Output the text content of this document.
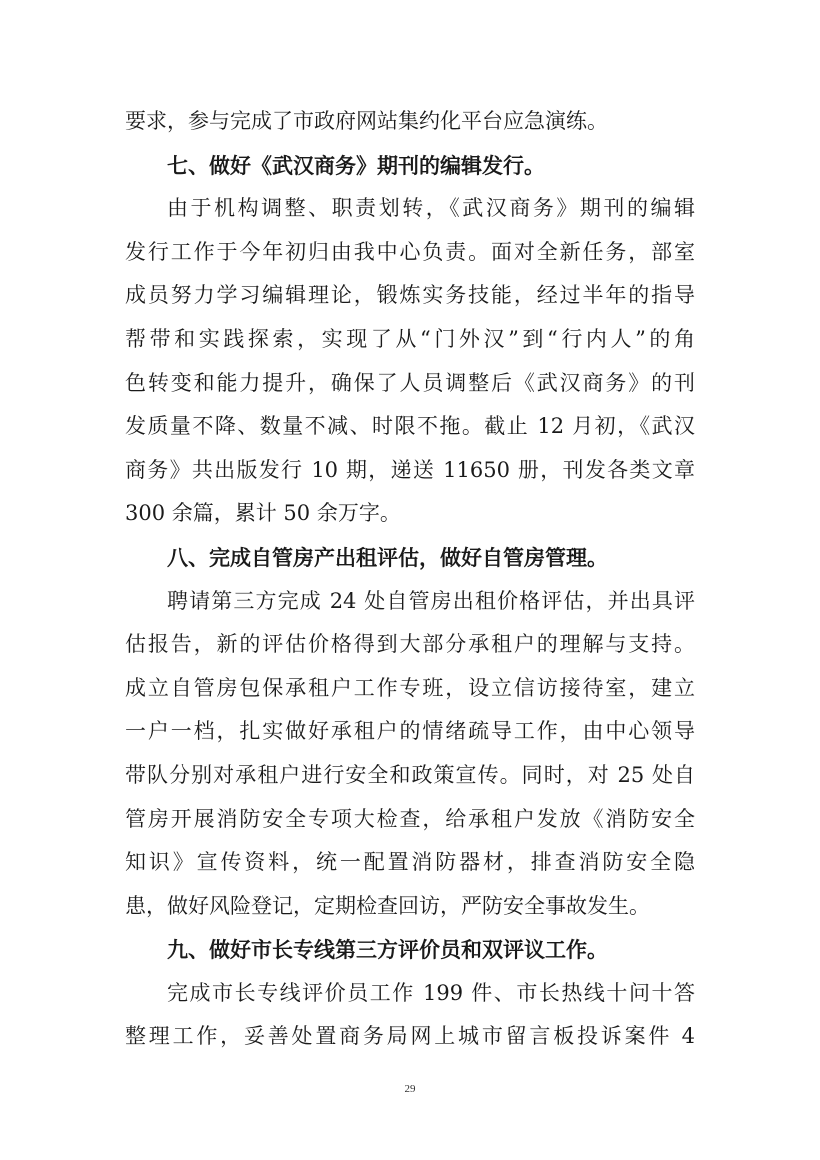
要求，参与完成了市政府网站集约化平台应急演练。
七、做好《武汉商务》期刊的编辑发行。
由于机构调整、职责划转，《武汉商务》期刊的编辑
发行工作于今年初归由我中心负责。面对全新任务，部室
成员努力学习编辑理论，锻炼实务技能，经过半年的指导
帮带和实践探索，实现了从“门外汉”到“行内人”的角
色转变和能力提升，确保了人员调整后《武汉商务》的刊
发质量不降、数量不减、时限不拖。截止 12 月初，《武汉
商务》共出版发行 10 期，递送 11650 册，刊发各类文章
300 余篇，累计 50 余万字。
八、完成自管房产出租评估，做好自管房管理。
聘请第三方完成 24 处自管房出租价格评估，并出具评
估报告，新的评估价格得到大部分承租户的理解与支持。
成立自管房包保承租户工作专班，设立信访接待室，建立
一户一档，扎实做好承租户的情绪疏导工作，由中心领导
带队分别对承租户进行安全和政策宣传。同时，对 25 处自
管房开展消防安全专项大检查，给承租户发放《消防安全
知识》宣传资料，统一配置消防器材，排查消防安全隐
患，做好风险登记，定期检查回访，严防安全事故发生。
九、做好市长专线第三方评价员和双评议工作。
完成市长专线评价员工作 199 件、市长热线十问十答
整理工作，妥善处置商务局网上城市留言板投诉案件 4
29
